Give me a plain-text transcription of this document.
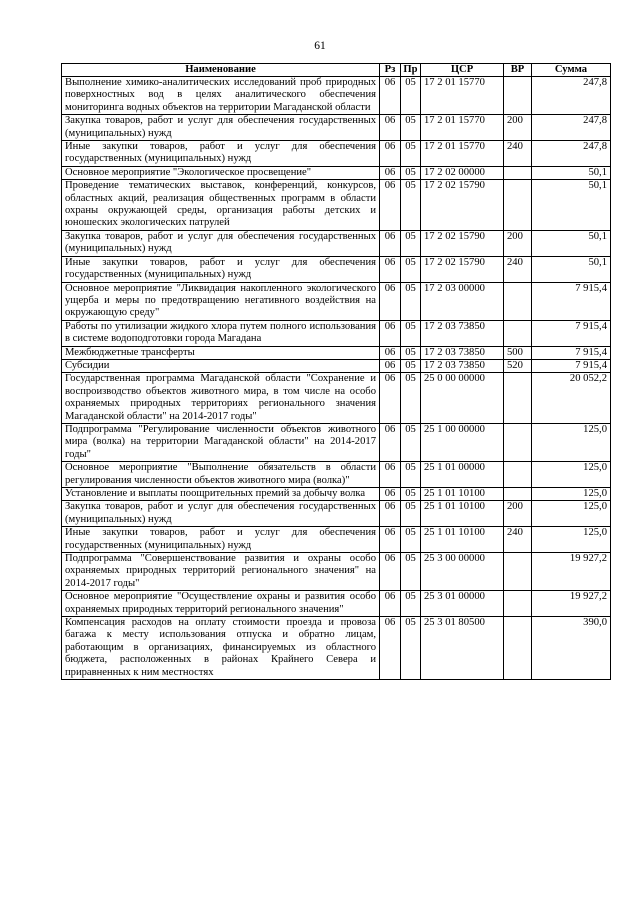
61
Наименование	Рз	Пр	ЦСР	ВР	Сумма
Выполнение химико-аналитических исследований проб природных поверхностных вод в целях аналитического обеспечения мониторинга водных объектов на территории Магаданской области	06	05	17 2 01 15770		247,8
Закупка товаров, работ и услуг для обеспечения государственных (муниципальных) нужд	06	05	17 2 01 15770	200	247,8
Иные закупки товаров, работ и услуг для обеспечения государственных (муниципальных) нужд	06	05	17 2 01 15770	240	247,8
Основное мероприятие "Экологическое просвещение"	06	05	17 2 02 00000		50,1
Проведение тематических выставок, конференций, конкурсов, областных акций, реализация общественных программ в области охраны окружающей среды, организация работы детских и юношеских экологических патрулей	06	05	17 2 02 15790		50,1
Закупка товаров, работ и услуг для обеспечения государственных (муниципальных) нужд	06	05	17 2 02 15790	200	50,1
Иные закупки товаров, работ и услуг для обеспечения государственных (муниципальных) нужд	06	05	17 2 02 15790	240	50,1
Основное мероприятие "Ликвидация накопленного экологического ущерба и меры по предотвращению негативного воздействия на окружающую среду"	06	05	17 2 03 00000		7 915,4
Работы по утилизации жидкого хлора путем полного использования в системе водоподготовки города Магадана	06	05	17 2 03 73850		7 915,4
Межбюджетные трансферты	06	05	17 2 03 73850	500	7 915,4
Субсидии	06	05	17 2 03 73850	520	7 915,4
Государственная программа Магаданской области "Сохранение и воспроизводство объектов животного мира, в том числе на особо охраняемых природных территориях регионального значения Магаданской области" на 2014-2017 годы"	06	05	25 0 00 00000		20 052,2
Подпрограмма "Регулирование численности объектов животного мира (волка) на территории Магаданской области" на 2014-2017 годы"	06	05	25 1 00 00000		125,0
Основное мероприятие "Выполнение обязательств в области регулирования численности объектов животного мира (волка)"	06	05	25 1 01 00000		125,0
Установление и выплаты поощрительных премий за добычу волка	06	05	25 1 01 10100		125,0
Закупка товаров, работ и услуг для обеспечения государственных (муниципальных) нужд	06	05	25 1 01 10100	200	125,0
Иные закупки товаров, работ и услуг для обеспечения государственных (муниципальных) нужд	06	05	25 1 01 10100	240	125,0
Подпрограмма "Совершенствование развития и охраны особо охраняемых природных территорий регионального значения" на 2014-2017 годы"	06	05	25 3 00 00000		19 927,2
Основное мероприятие "Осуществление охраны и развития особо охраняемых природных территорий регионального значения"	06	05	25 3 01 00000		19 927,2
Компенсация расходов на оплату стоимости проезда и провоза багажа к месту использования отпуска и обратно лицам, работающим в организациях, финансируемых из областного бюджета, расположенных в районах Крайнего Севера и приравненных к ним местностях	06	05	25 3 01 80500		390,0
